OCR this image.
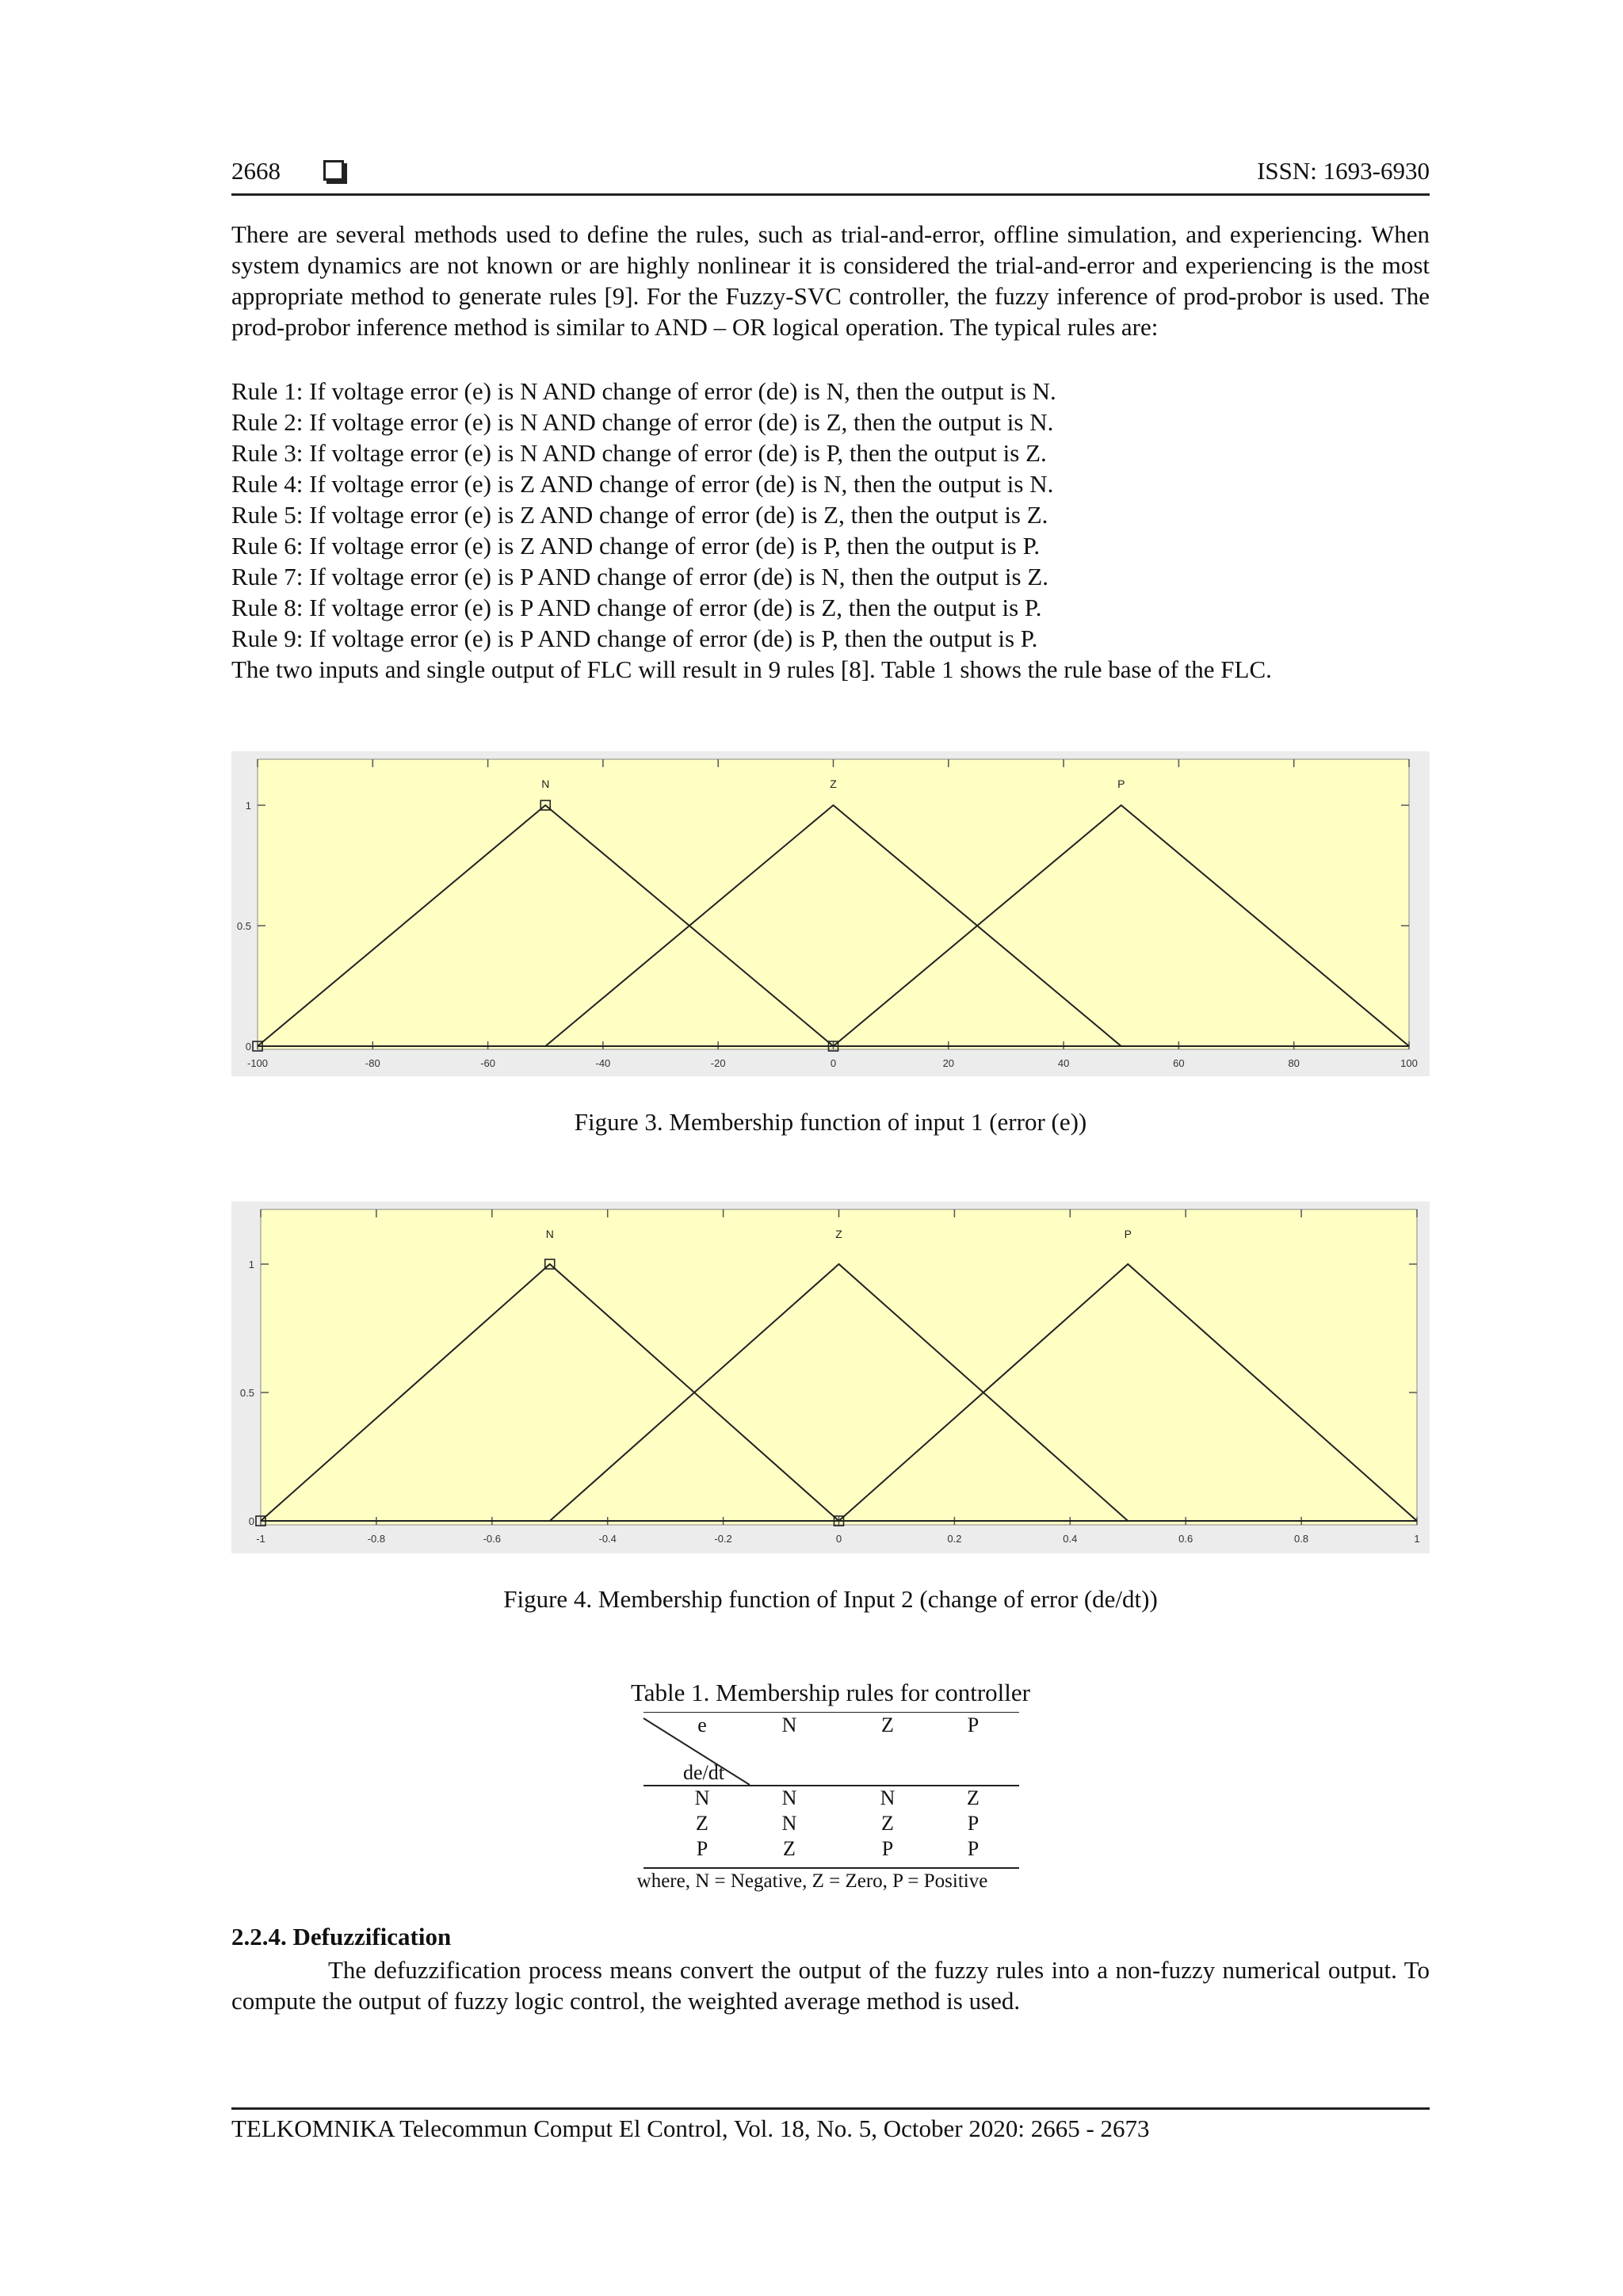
2668	ISSN: 1693-6930
There are several methods used to define the rules, such as trial-and-error, offline simulation, and experiencing. When system dynamics are not known or are highly nonlinear it is considered the trial-and-error and experiencing is the most appropriate method to generate rules [9]. For the Fuzzy-SVC controller, the fuzzy inference of prod-probor is used. The prod-probor inference method is similar to AND – OR logical operation. The typical rules are:
Rule 1: If voltage error (e) is N AND change of error (de) is N, then the output is N.
Rule 2: If voltage error (e) is N AND change of error (de) is Z, then the output is N.
Rule 3: If voltage error (e) is N AND change of error (de) is P, then the output is Z.
Rule 4: If voltage error (e) is Z AND change of error (de) is N, then the output is N.
Rule 5: If voltage error (e) is Z AND change of error (de) is Z, then the output is Z.
Rule 6: If voltage error (e) is Z AND change of error (de) is P, then the output is P.
Rule 7: If voltage error (e) is P AND change of error (de) is N, then the output is Z.
Rule 8: If voltage error (e) is P AND change of error (de) is Z, then the output is P.
Rule 9: If voltage error (e) is P AND change of error (de) is P, then the output is P.
The two inputs and single output of FLC will result in 9 rules [8]. Table 1 shows the rule base of the FLC.
-100	-80	-60	-40	-20	0	20	40	60	80	100
0
0.5
1
N	Z	P
Figure 3. Membership function of input 1 (error (e))
-1	-0.8	-0.6	-0.4	-0.2	0	0.2	0.4	0.6	0.8	1
0
0.5
1
N	Z	P
Figure 4. Membership function of Input 2 (change of error (de/dt))
Table 1. Membership rules for controller
e	N	Z	P
de/dt
N	N	N	Z
Z	N	Z	P
P	Z	P	P
where, N = Negative, Z = Zero, P = Positive
2.2.4. Defuzzification
The defuzzification process means convert the output of the fuzzy rules into a non-fuzzy numerical output. To compute the output of fuzzy logic control, the weighted average method is used.
TELKOMNIKA Telecommun Comput El Control, Vol. 18, No. 5, October 2020: 2665 - 2673
